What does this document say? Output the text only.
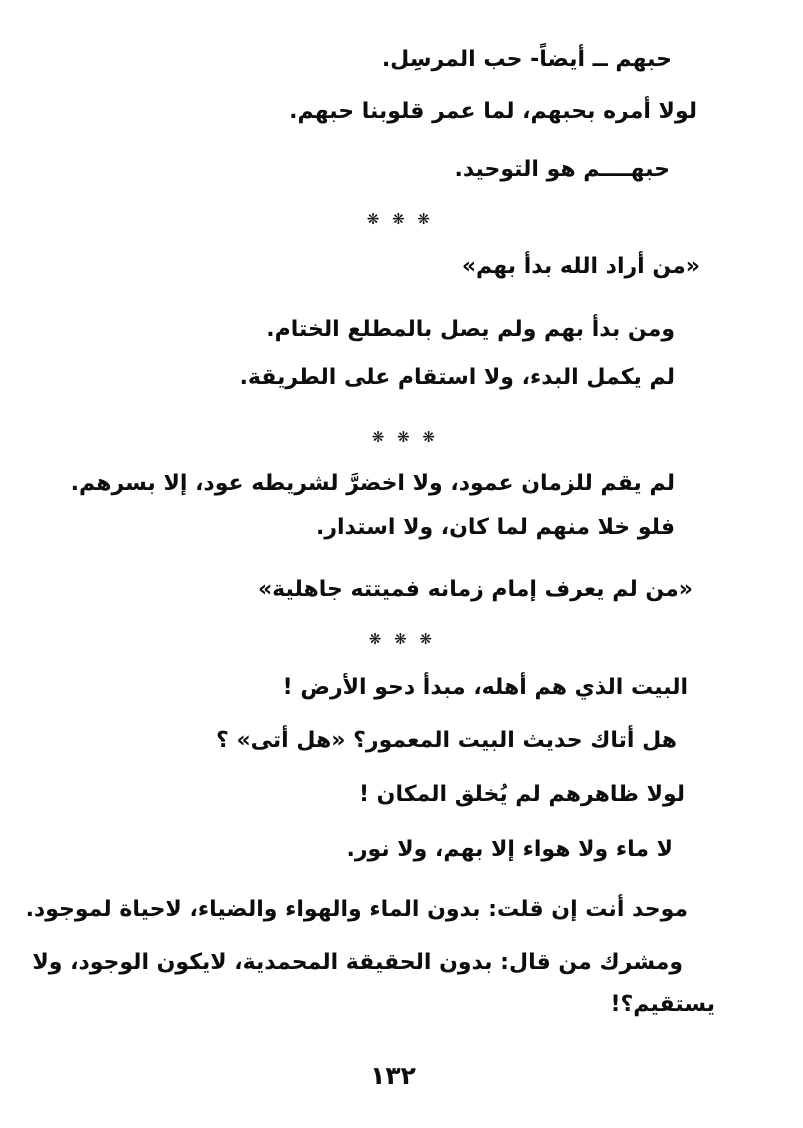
حبهم ــ أيضاً- حب المرسِل.
لولا أمره بحبهم، لما عمر قلوبنا حبهم.
حبهــــم هو التوحيد.
❋ ❋ ❋
«من أراد الله بدأ بهم»
ومن بدأ بهم ولم يصل بالمطلع الختام.
لم يكمل البدء، ولا استقام على الطريقة.
❋ ❋ ❋
لم يقم للزمان عمود، ولا اخضرَّ لشريطه عود، إلا بسرهم.
فلو خلا منهم لما كان، ولا استدار.
«من لم يعرف إمام زمانه فميتته جاهلية»
❋ ❋ ❋
البيت الذي هم أهله، مبدأ دحو الأرض !
هل أتاك حديث البيت المعمور؟ «هل أتى» ؟
لولا ظاهرهم لم يُخلق المكان !
لا ماء ولا هواء إلا بهم، ولا نور.
موحد أنت إن قلت: بدون الماء والهواء والضياء، لاحياة لموجود.
ومشرك من قال: بدون الحقيقة المحمدية، لايكون الوجود، ولا
يستقيم؟!
١٣٢
